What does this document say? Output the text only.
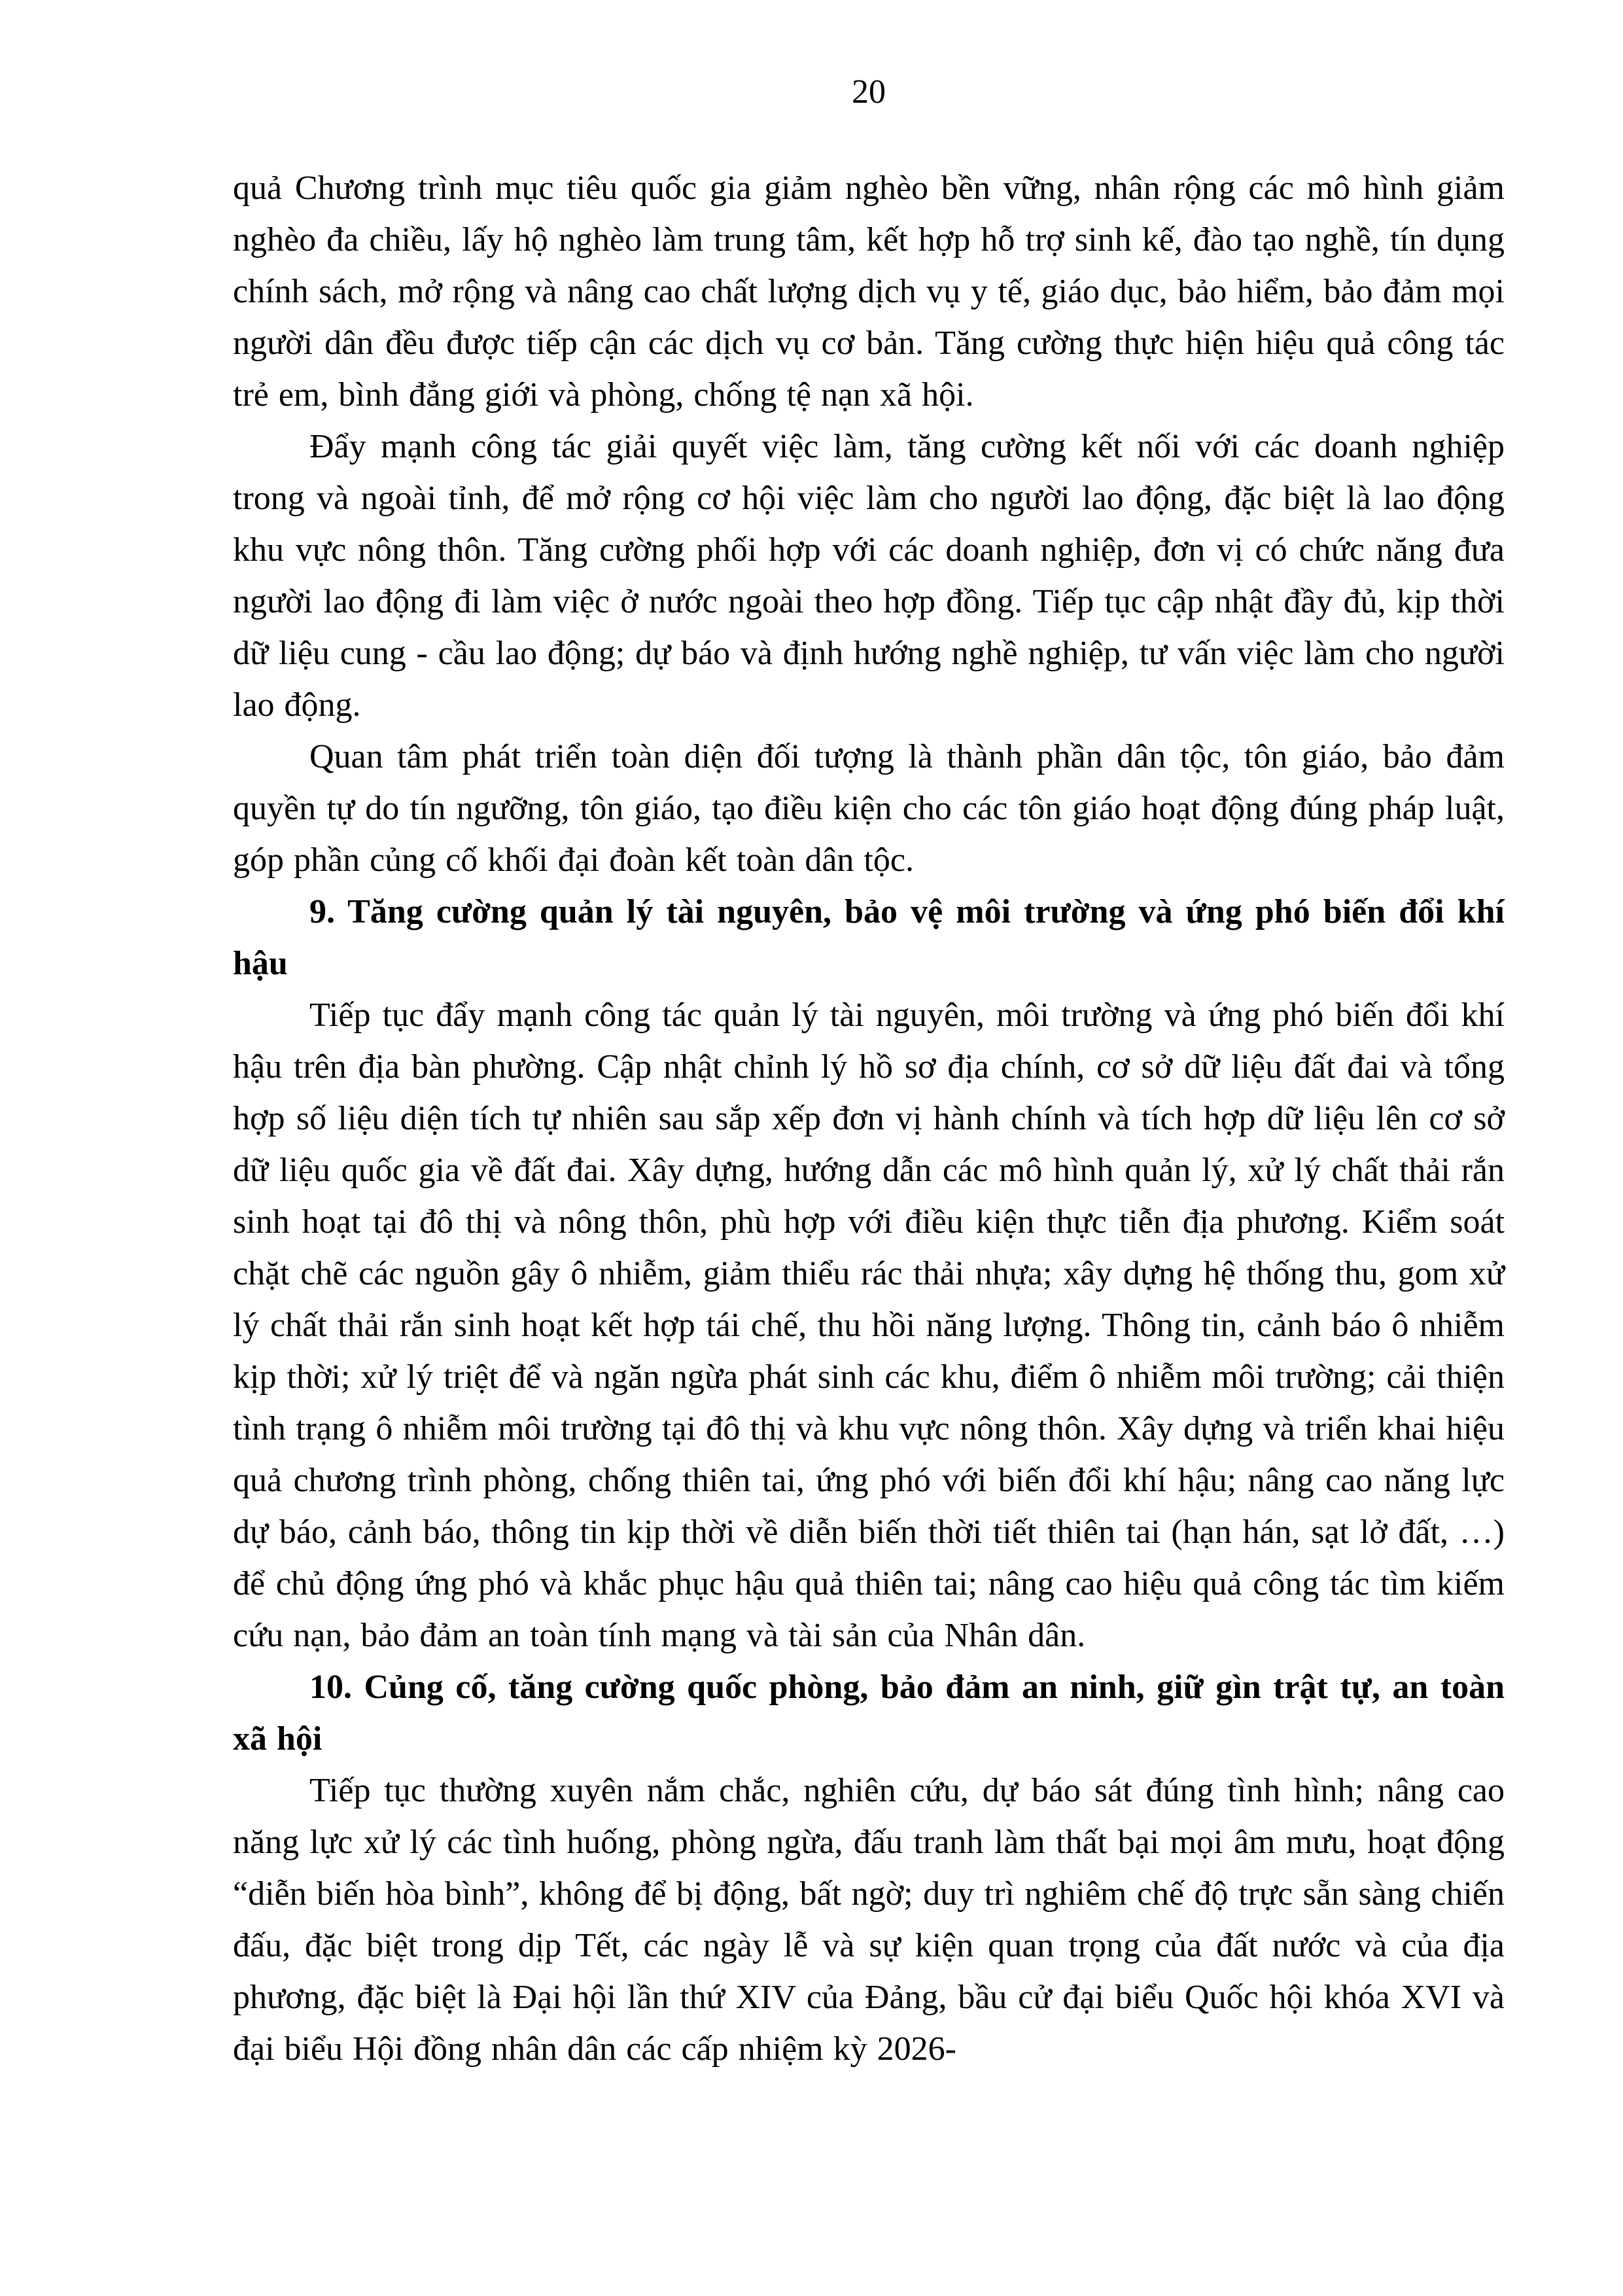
20

quả Chương trình mục tiêu quốc gia giảm nghèo bền vững, nhân rộng các mô hình giảm nghèo đa chiều, lấy hộ nghèo làm trung tâm, kết hợp hỗ trợ sinh kế, đào tạo nghề, tín dụng chính sách, mở rộng và nâng cao chất lượng dịch vụ y tế, giáo dục, bảo hiểm, bảo đảm mọi người dân đều được tiếp cận các dịch vụ cơ bản. Tăng cường thực hiện hiệu quả công tác trẻ em, bình đẳng giới và phòng, chống tệ nạn xã hội.

Đẩy mạnh công tác giải quyết việc làm, tăng cường kết nối với các doanh nghiệp trong và ngoài tỉnh, để mở rộng cơ hội việc làm cho người lao động, đặc biệt là lao động khu vực nông thôn. Tăng cường phối hợp với các doanh nghiệp, đơn vị có chức năng đưa người lao động đi làm việc ở nước ngoài theo hợp đồng. Tiếp tục cập nhật đầy đủ, kịp thời dữ liệu cung - cầu lao động; dự báo và định hướng nghề nghiệp, tư vấn việc làm cho người lao động.

Quan tâm phát triển toàn diện đối tượng là thành phần dân tộc, tôn giáo, bảo đảm quyền tự do tín ngưỡng, tôn giáo, tạo điều kiện cho các tôn giáo hoạt động đúng pháp luật, góp phần củng cố khối đại đoàn kết toàn dân tộc.

9. Tăng cường quản lý tài nguyên, bảo vệ môi trường và ứng phó biến đổi khí hậu

Tiếp tục đẩy mạnh công tác quản lý tài nguyên, môi trường và ứng phó biến đổi khí hậu trên địa bàn phường. Cập nhật chỉnh lý hồ sơ địa chính, cơ sở dữ liệu đất đai và tổng hợp số liệu diện tích tự nhiên sau sắp xếp đơn vị hành chính và tích hợp dữ liệu lên cơ sở dữ liệu quốc gia về đất đai. Xây dựng, hướng dẫn các mô hình quản lý, xử lý chất thải rắn sinh hoạt tại đô thị và nông thôn, phù hợp với điều kiện thực tiễn địa phương. Kiểm soát chặt chẽ các nguồn gây ô nhiễm, giảm thiểu rác thải nhựa; xây dựng hệ thống thu, gom xử lý chất thải rắn sinh hoạt kết hợp tái chế, thu hồi năng lượng. Thông tin, cảnh báo ô nhiễm kịp thời; xử lý triệt để và ngăn ngừa phát sinh các khu, điểm ô nhiễm môi trường; cải thiện tình trạng ô nhiễm môi trường tại đô thị và khu vực nông thôn. Xây dựng và triển khai hiệu quả chương trình phòng, chống thiên tai, ứng phó với biến đổi khí hậu; nâng cao năng lực dự báo, cảnh báo, thông tin kịp thời về diễn biến thời tiết thiên tai (hạn hán, sạt lở đất, …) để chủ động ứng phó và khắc phục hậu quả thiên tai; nâng cao hiệu quả công tác tìm kiếm cứu nạn, bảo đảm an toàn tính mạng và tài sản của Nhân dân.

10. Củng cố, tăng cường quốc phòng, bảo đảm an ninh, giữ gìn trật tự, an toàn xã hội

Tiếp tục thường xuyên nắm chắc, nghiên cứu, dự báo sát đúng tình hình; nâng cao năng lực xử lý các tình huống, phòng ngừa, đấu tranh làm thất bại mọi âm mưu, hoạt động “diễn biến hòa bình”, không để bị động, bất ngờ; duy trì nghiêm chế độ trực sẵn sàng chiến đấu, đặc biệt trong dịp Tết, các ngày lễ và sự kiện quan trọng của đất nước và của địa phương, đặc biệt là Đại hội lần thứ XIV của Đảng, bầu cử đại biểu Quốc hội khóa XVI và đại biểu Hội đồng nhân dân các cấp nhiệm kỳ 2026-
